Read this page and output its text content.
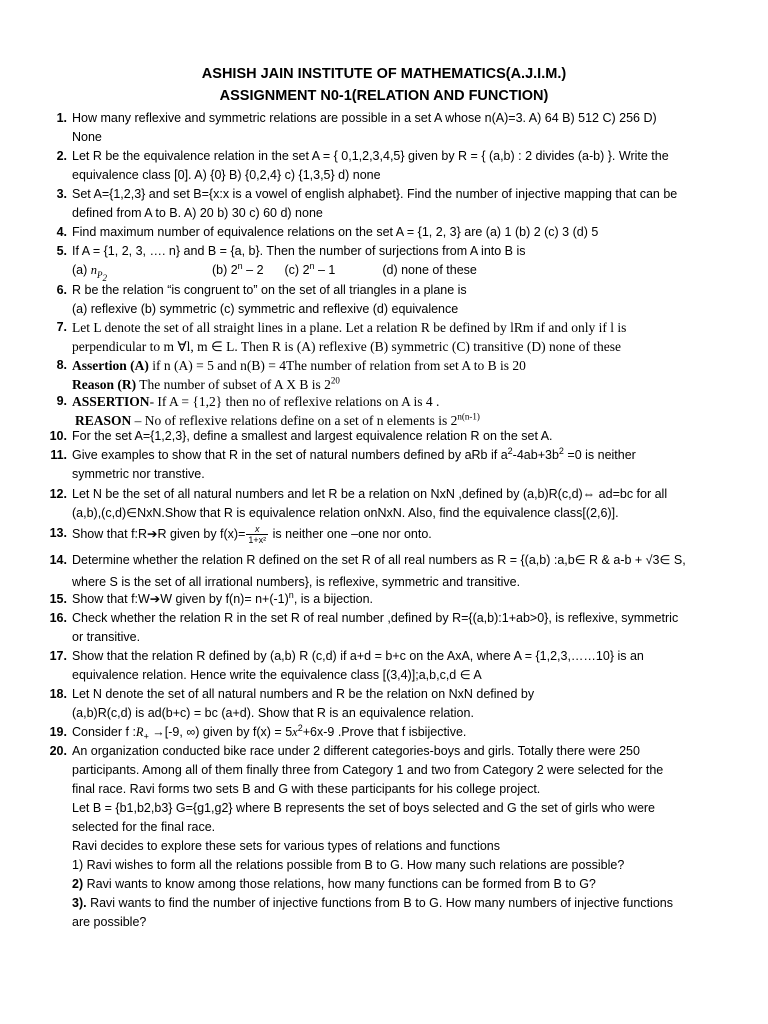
ASHISH JAIN INSTITUTE OF MATHEMATICS(A.J.I.M.)
ASSIGNMENT N0-1(RELATION AND FUNCTION)
1. How many reflexive and symmetric relations are possible in a set A whose n(A)=3. A) 64 B) 512 C) 256 D)
None
2. Let R be the equivalence relation in the set A = { 0,1,2,3,4,5} given by R = { (a,b) : 2 divides (a-b) }. Write the
equivalence class [0]. A) {0} B) {0,2,4} c) {1,3,5} d) none
3. Set A={1,2,3} and set B={x:x is a vowel of english alphabet}. Find the number of injective mapping that can be
defined from A to B. A) 20 b) 30 c) 60 d) none
4. Find maximum number of equivalence relations on the set A = {1, 2, 3} are (a) 1 (b) 2 (c) 3 (d) 5
5. If A = {1, 2, 3, …. n} and B = {a, b}. Then the number of surjections from A into B is
(a) $n_{P_2}$  (b) 2$^n$ – 2 (c) 2$^n$ – 1	(d) none of these
6. R be the relation “is congruent to” on the set of all triangles in a plane is
(a) reflexive (b) symmetric (c) symmetric and reflexive (d) equivalence
7. Let L denote the set of all straight lines in a plane. Let a relation R be defined by lRm if and only if l is
perpendicular to m ∀l, m ∈ L. Then R is (A) reflexive (B) symmetric (C) transitive (D) none of these
8. Assertion (A) if n (A) = 5 and n(B) = 4The number of relation from set A to B is 20
Reason (R) The number of subset of A X B is $2^{20}$
9. ASSERTION- If A = {1,2} then no of reflexive relations on A is 4 .
REASON – No of reflexive relations define on a set of n elements is $2^{n(n-1)}$
10. For the set A={1,2,3}, define a smallest and largest equivalence relation R on the set A.
11. Give examples to show that R in the set of natural numbers defined by aRb if $a^2-4ab+3b^2 =0$ is neither
symmetric nor transtive.
12. Let N be the set of all natural numbers and let R be a relation on NxN ,defined by (a,b)R(c,d)⇔ ad=bc for all
(a,b),(c,d)∈NxN.Show that R is equivalence relation onNxN. Also, find the equivalence class[(2,6)].
13. Show that f:R➔R given by $f(x)= \frac{x}{\text{1+x²}}$ is neither one –one nor onto.
14. Determine whether the relation R defined on the set R of all real numbers as R = {(a,b) :a,b∈ R & a-b + √3∈ S,
where S is the set of all irrational numbers}, is reflexive, symmetric and transitive.
15. Show that f:W➔W given by $f(n)= n+(-1)^n$, is a bijection.
16. Check whether the relation R in the set R of real number ,defined by R={(a,b):1+ab>0}, is reflexive, symmetric
or transitive.
17. Show that the relation R defined by (a,b) R (c,d) if a+d = b+c on the AxA, where A = {1,2,3,……10} is an
equivalence relation. Hence write the equivalence class [(3,4)];a,b,c,d ∈ A
18. Let N denote the set of all natural numbers and R be the relation on NxN defined by
(a,b)R(c,d) is ad(b+c) = bc (a+d). Show that R is an equivalence relation.
19. Consider f $:R_+ \to[-9$, ∞) given by $f(x) = 5x^2+6x-9$ .Prove that f isbijective.
20. An organization conducted bike race under 2 different categories-boys and girls. Totally there were 250
participants. Among all of them finally three from Category 1 and two from Category 2 were selected for the
final race. Ravi forms two sets B and G with these participants for his college project.
Let B = {b1,b2,b3} G={g1,g2} where B represents the set of boys selected and G the set of girls who were
selected for the final race.
Ravi decides to explore these sets for various types of relations and functions
1) Ravi wishes to form all the relations possible from B to G. How many such relations are possible?
2) Ravi wants to know among those relations, how many functions can be formed from B to G?
3). Ravi wants to find the number of injective functions from B to G. How many numbers of injective functions
are possible?
